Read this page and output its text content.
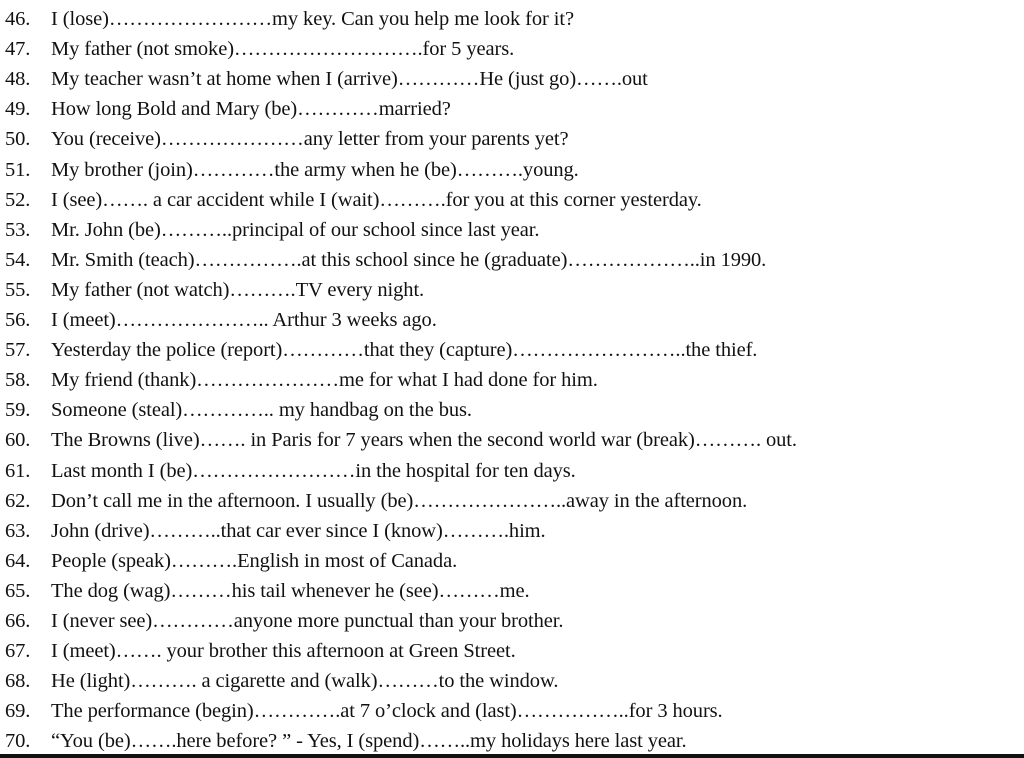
46. I (lose)……………………my key. Can you help me look for it?
47. My father (not smoke)……………………….for 5 years.
48. My teacher wasn’t at home when I (arrive)…………He (just go)…….out
49. How long Bold and Mary (be)…………married?
50. You (receive)…………………any letter from your parents yet?
51. My brother (join)…………the army when he (be)……….young.
52. I (see)……. a car accident while I (wait)……….for you at this corner yesterday.
53. Mr. John (be)………..principal of our school since last year.
54. Mr. Smith (teach)…………….at this school since he (graduate)………………..in 1990.
55. My father (not watch)……….TV every night.
56. I (meet)………………….. Arthur 3 weeks ago.
57. Yesterday the police (report)…………that they (capture)……………………..the thief.
58. My friend (thank)…………………me for what I had done for him.
59. Someone (steal)………….. my handbag on the bus.
60. The Browns (live)……. in Paris for 7 years when the second world war (break)………. out.
61. Last month I (be)……………………in the hospital for ten days.
62. Don’t call me in the afternoon. I usually (be)…………………..away in the afternoon.
63. John (drive)………..that car ever since I (know)……….him.
64. People (speak)……….English in most of Canada.
65. The dog (wag)………his tail whenever he (see)………me.
66. I (never see)…………anyone more punctual than your brother.
67. I (meet)……. your brother this afternoon at Green Street.
68. He (light)………. a cigarette and (walk)………to the window.
69. The performance (begin)………….at 7 o’clock and (last)……………..for 3 hours.
70. “You (be)…….here before? ” - Yes, I (spend)……..my holidays here last year.
